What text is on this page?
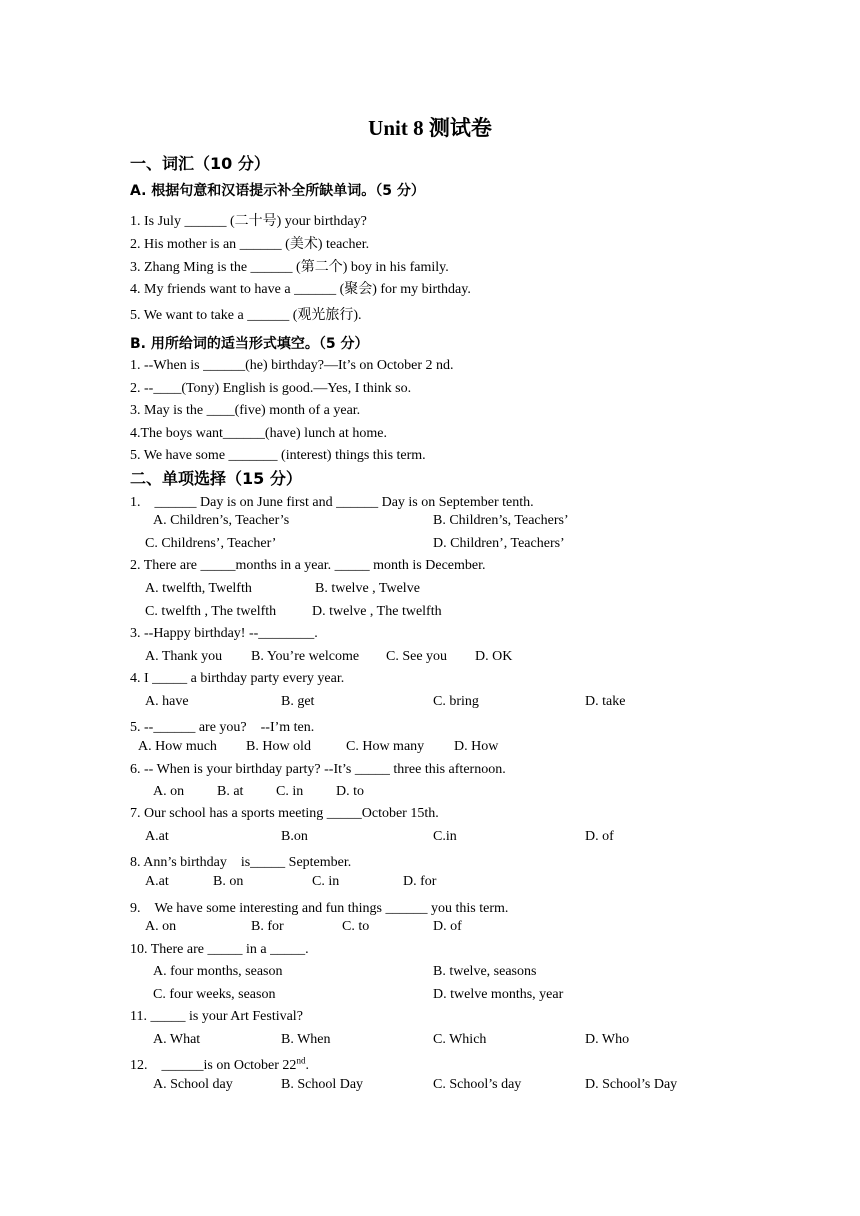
Unit 8 测试卷
一、词汇（10 分）
A. 根据句意和汉语提示补全所缺单词。（5 分）
1. Is July ______ (二十号) your birthday?
2. His mother is an ______ (美术) teacher.
3. Zhang Ming is the ______ (第二个) boy in his family.
4. My friends want to have a ______ (聚会) for my birthday.
5. We want to take a ______ (观光旅行).
B. 用所给词的适当形式填空。（5 分）
1. --When is ______(he) birthday?—It’s on October 2 nd.
2. --____(Tony) English is good.—Yes, I think so.
3. May is the ____(five) month of a year.
4.The boys want______(have) lunch at home.
5. We have some _______ (interest) things this term.
二、单项选择（15 分）
1.　______ Day is on June first and ______ Day is on September tenth.
A. Children’s, Teacher’s	B. Children’s, Teachers’
C. Childrens’, Teacher’	D. Children’, Teachers’
2. There are _____months in a year. _____ month is December.
A. twelfth, Twelfth	B. twelve , Twelve
C. twelfth , The twelfth	D. twelve , The twelfth
3. --Happy birthday! --________.
A. Thank you B. You’re welcome C. See you D. OK
4. I _____ a birthday party every year.
A. have	B. get	C. bring	D. take
5. --______ are you?　--I’m ten.
A. How much B. How old	C. How many D. How
6. -- When is your birthday party? --It’s _____ three this afternoon.
A. on B. at C. in D. to
7. Our school has a sports meeting _____October 15th.
A.at	B.on	C.in	D. of
8. Ann’s birthday　is_____ September.
A.at	B. on	C. in	D. for
9.　We have some interesting and fun things ______ you this term.
A. on	B. for	C. to	D. of
10. There are _____ in a _____.
A. four months, season	B. twelve, seasons
C. four weeks, season	D. twelve months, year
11. _____ is your Art Festival?
A. What	B. When	C. Which	D. Who
12.　______is on October 22nd.
A. School day	B. School Day	C. School’s day	D. School’s Day
